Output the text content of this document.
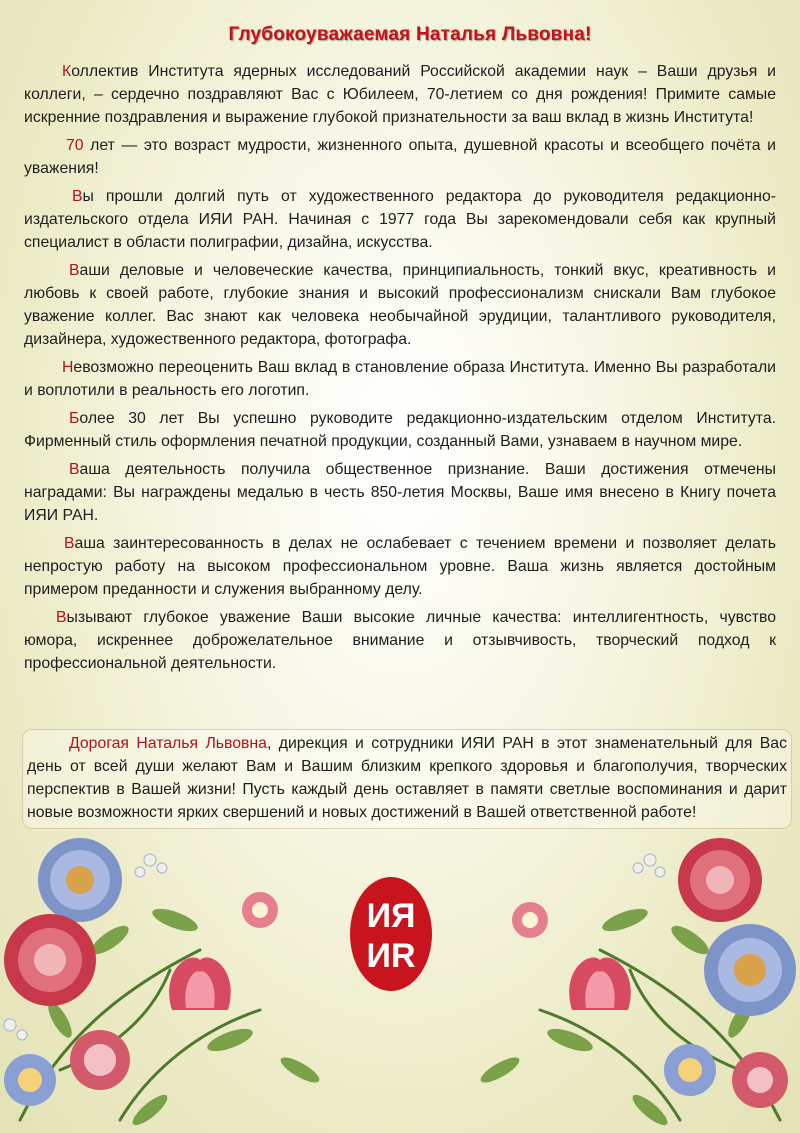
Глубокоуважаемая Наталья Львовна!

Коллектив Института ядерных исследований Российской академии наук – Ваши друзья и коллеги, – сердечно поздравляют Вас с Юбилеем, 70-летием со дня рождения! Примите самые искренние поздравления и выражение глубокой признательности за ваш вклад в жизнь Института!

70 лет — это возраст мудрости, жизненного опыта, душевной красоты и всеобщего почёта и уважения!

Вы прошли долгий путь от художественного редактора до руководителя редакционно-издательского отдела ИЯИ РАН. Начиная с 1977 года Вы зарекомендовали себя как крупный специалист в области полиграфии, дизайна, искусства.

Ваши деловые и человеческие качества, принципиальность, тонкий вкус, креативность и любовь к своей работе, глубокие знания и высокий профессионализм снискали Вам глубокое уважение коллег. Вас знают как человека необычайной эрудиции, талантливого руководителя, дизайнера, художественного редактора, фотографа.

Невозможно переоценить Ваш вклад в становление образа Института. Именно Вы разработали и воплотили в реальность его логотип.

Более 30 лет Вы успешно руководите редакционно-издательским отделом Института. Фирменный стиль оформления печатной продукции, созданный Вами, узнаваем в научном мире.

Ваша деятельность получила общественное признание. Ваши достижения отмечены наградами: Вы награждены медалью в честь 850-летия Москвы, Ваше имя внесено в Книгу почета ИЯИ РАН.

Ваша заинтересованность в делах не ослабевает с течением времени и позволяет делать непростую работу на высоком профессиональном уровне. Ваша жизнь является достойным примером преданности и служения выбранному делу.

Вызывают глубокое уважение Ваши высокие личные качества: интеллигентность, чувство юмора, искреннее доброжелательное внимание и отзывчивость, творческий подход к профессиональной деятельности.

Дорогая Наталья Львовна, дирекция и сотрудники ИЯИ РАН в этот знаменательный для Вас день от всей души желают Вам и Вашим близким крепкого здоровья и благополучия, творческих перспектив в Вашей жизни! Пусть каждый день оставляет в памяти светлые воспоминания и дарит новые возможности ярких свершений и новых достижений в Вашей ответственной работе!
ИЯ
ИR
